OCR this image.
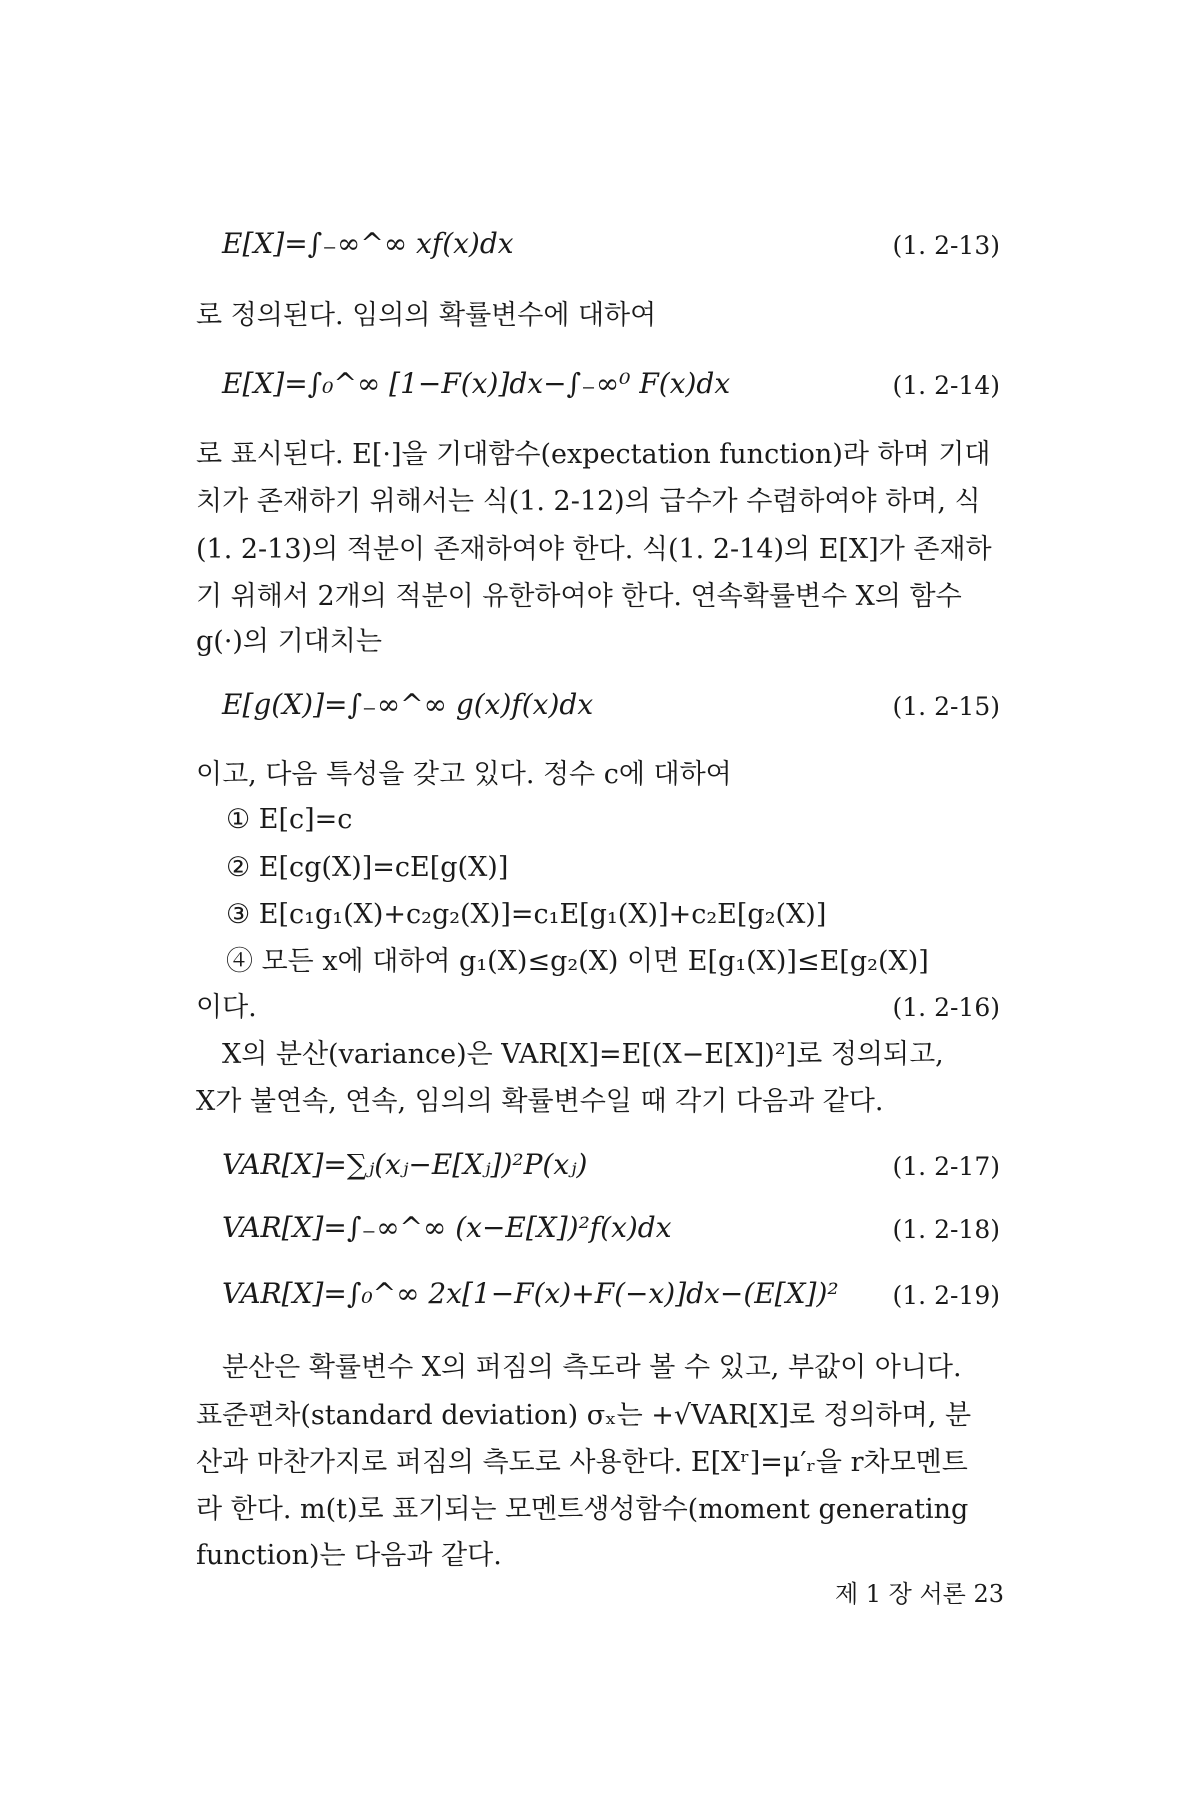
E[X]=∫₋∞^∞ xf(x)dx	(1. 2-13)
로 정의된다. 임의의 확률변수에 대하여
E[X]=∫₀^∞ [1−F(x)]dx−∫₋∞⁰ F(x)dx	(1. 2-14)
로 표시된다. E[·]을 기대함수(expectation function)라 하며 기대
치가 존재하기 위해서는 식(1. 2-12)의 급수가 수렴하여야 하며, 식
(1. 2-13)의 적분이 존재하여야 한다. 식(1. 2-14)의 E[X]가 존재하
기 위해서 2개의 적분이 유한하여야 한다. 연속확률변수 X의 함수
g(·)의 기대치는
E[g(X)]=∫₋∞^∞ g(x)f(x)dx	(1. 2-15)
이고, 다음 특성을 갖고 있다. 정수 c에 대하여
① E[c]=c
② E[cg(X)]=cE[g(X)]
③ E[c₁g₁(X)+c₂g₂(X)]=c₁E[g₁(X)]+c₂E[g₂(X)]
④ 모든 x에 대하여 g₁(X)≤g₂(X) 이면 E[g₁(X)]≤E[g₂(X)]
이다.	(1. 2-16)
X의 분산(variance)은 VAR[X]=E[(X−E[X])²]로 정의되고,
X가 불연속, 연속, 임의의 확률변수일 때 각기 다음과 같다.
VAR[X]=∑ⱼ(xⱼ−E[Xⱼ])²P(xⱼ)	(1. 2-17)
VAR[X]=∫₋∞^∞ (x−E[X])²f(x)dx	(1. 2-18)
VAR[X]=∫₀^∞ 2x[1−F(x)+F(−x)]dx−(E[X])² (1. 2-19)
분산은 확률변수 X의 퍼짐의 측도라 볼 수 있고, 부값이 아니다.
표준편차(standard deviation) σₓ는 +√VAR[X]로 정의하며, 분
산과 마찬가지로 퍼짐의 측도로 사용한다. E[Xʳ]=μ′ᵣ을 r차모멘트
라 한다. m(t)로 표기되는 모멘트생성함수(moment generating
function)는 다음과 같다.
제 1 장 서론 23
